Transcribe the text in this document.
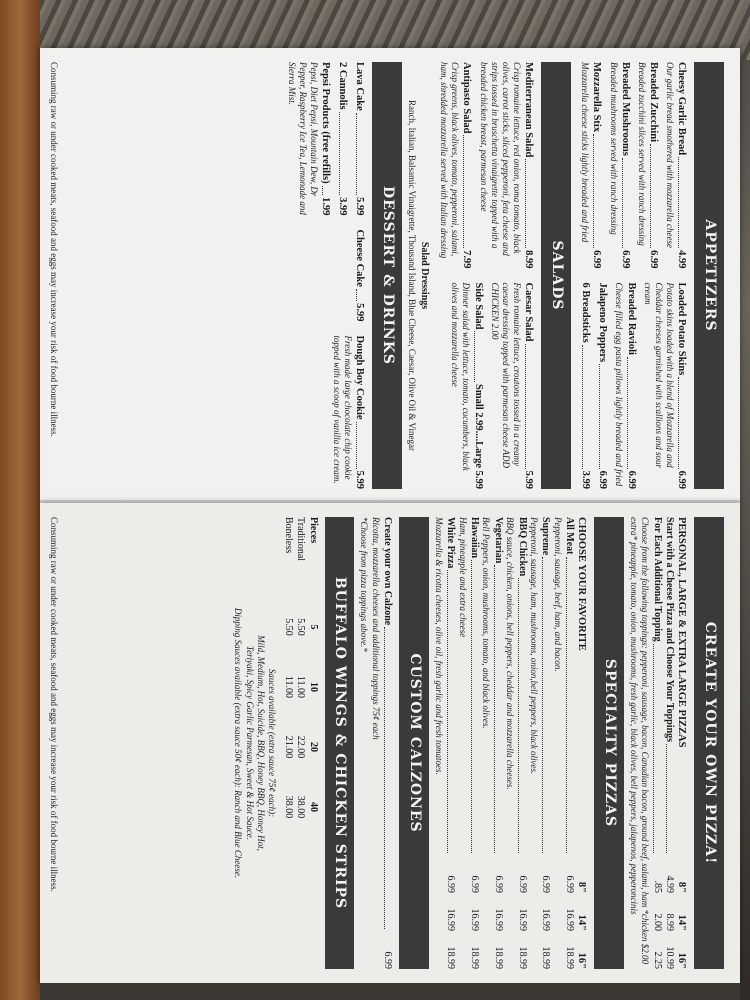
APPETIZERS
Cheesy Garlic Bread
4.99
Our garlic bread smothered with mozzarella cheese
Breaded Zucchini
6.99
Breaded zucchini slices served with ranch dressing
Breaded Mushrooms
6.99
Breaded mushrooms served with ranch dressing
Mozzarella Stix
6.99
Mozzarella cheese sticks lightly breaded and fried
Loaded Potato Skins
6.99
Potato skins loaded with a blend of Mozzarella and Cheddar cheeses garnished with scallions and sour cream
Breaded Ravioli
6.99
Cheese filled egg pasta pillows lightly breaded and fried
Jalapeno Poppers
6.99
6 Breadsticks
3.99
SALADS
Mediterranean Salad
8.99
Crisp romaine lettuce, red onion, roma tomato, black olives, carrot sticks, sliced pepperoni, feta cheese and strips tossed in bruschetta vinaigrette topped with a breaded chicken breast, parmesan cheese
Antipasto Salad
7.99
Crisp greens, black olives, tomato, pepperoni, salami, ham, shredded mozzarella served with Italian dressing
Caesar Salad
5.99
Fresh romaine lettuce, croutons tossed in a creamy caesar dressing topped with parmesan cheese ADD CHICKEN 2.00
Side Salad
Small 2.99....Large 5.99
Dinner salad with lettuce, tomato, cucumbers, black olives and mozzarella cheese
Salad Dressings
Ranch, Italian, Balsamic Vinaigrette, Thousand Island, Blue Cheese, Caesar, Olive Oil & Vinegar
DESSERT & DRINKS
Lava Cake
5.99
2 Cannolis
3.99
Pepsi Products (free refills)
1.99
Pepsi, Diet Pepsi, Mountain Dew, Dr Pepper, Raspberry Ice Tea, Lemonade and Sierra Mist.
Cheese Cake
5.99
Dough Boy Cookie
5.99
Fresh made large chocolate chip cookie topped with a scoop of vanilla ice cream.
Consuming raw or under cooked meats, seafood and eggs may increase your risk of food bourne illness.
CREATE YOUR OWN PIZZA!
PERSONAL, LARGE & EXTRA LARGE PIZZAS
8"
14"
16"
Start with a Cheese Pizza and Choose Your Toppings
4.99
8.99
10.99
For Each Additional Topping
.85
2.00
2.25
Choose from the following toppings: pepperoni, sausage, bacon, Canadian bacon, ground beef, salami, ham *chicken $2.00 extra* pineapple, tomato, onion, mushrooms, fresh garlic, black olives, bell peppers, jalapenos, pepperoncinis
SPECIALTY PIZZAS
CHOOSE YOUR FAVORITE
8"
14"
16"
All Meat
6.99
16.99
18.99
Pepperoni, sausage, beef, ham, and bacon.
Supreme
6.99
16.99
18.99
Pepperoni, sausage, ham, mushrooms, onion,bell peppers, black olives.
BBQ Chicken
6.99
16.99
18.99
BBQ sauce, chicken, onions, bell peppers, cheddar and mozzarella cheeses.
Vegetarian
6.99
16.99
18.99
Bell Peppers, onion, mushrooms, tomato, and black olives.
Hawaiian
6.99
16.99
18.99
Ham, pineapple and extra cheese
White Pizza
6.99
16.99
18.99
Mozzarella & ricotta cheeses, olive oil, fresh garlic and fresh tomatoes.
CUSTOM CALZONES
Create your own Calzone
6.99
Ricotta, mozzarella cheeses and additional toppings 75¢ each
*Choose from pizza toppings above.*
BUFFALO WINGS & CHICKEN STRIPS
Pieces
5
10
20
40
Traditional
5.50
11.00
22.00
38.00
Boneless
5.50
11.00
21.00
38.00
Sauces available (extra sauce 75¢ each):
Mild, Medium, Hot, Suicide, BBQ, Honey BBQ, Honey Hot,
Teriyaki, Spicy Garlic Parmesan, Sweet & Hot Sauce.
Dipping Sauces available (extra sauce 50¢ each): Ranch and Blue Cheese.
Consuming raw or under cooked meats, seafood and eggs may increase your risk of food bourne illness.
